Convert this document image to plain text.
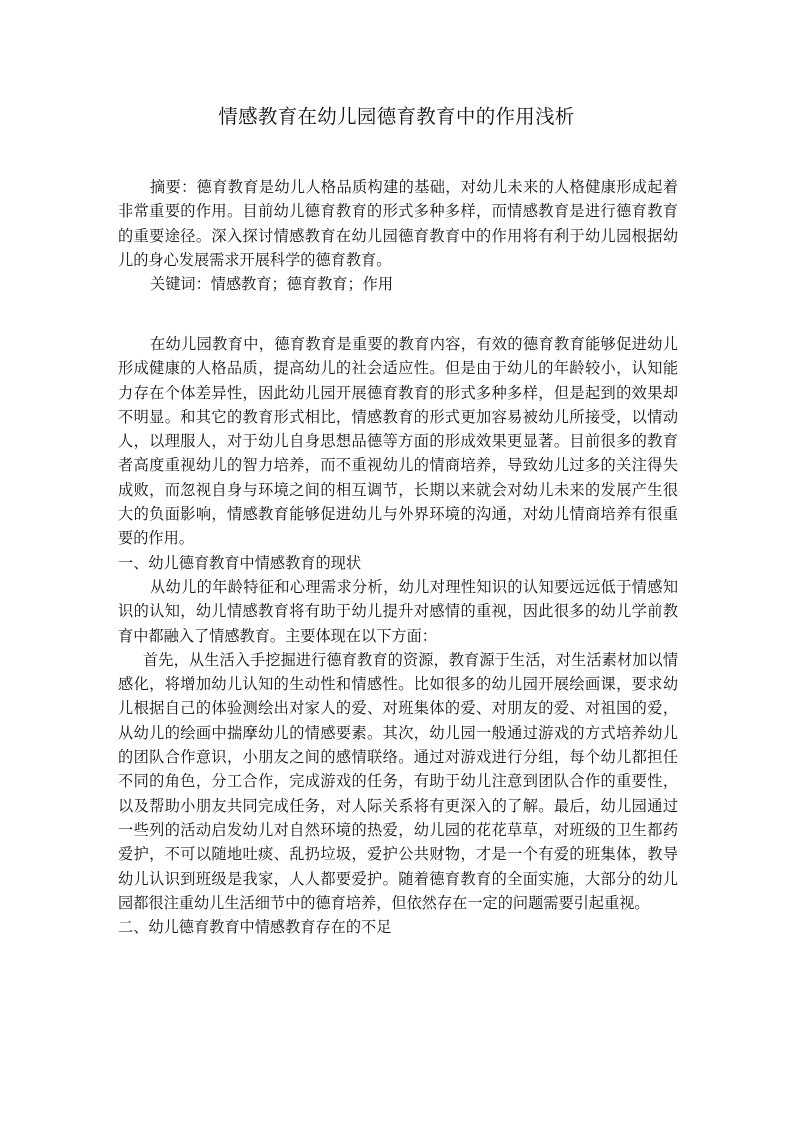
情感教育在幼儿园德育教育中的作用浅析

摘要：德育教育是幼儿人格品质构建的基础，对幼儿未来的人格健康形成起着非常重要的作用。目前幼儿德育教育的形式多种多样，而情感教育是进行德育教育的重要途径。深入探讨情感教育在幼儿园德育教育中的作用将有利于幼儿园根据幼儿的身心发展需求开展科学的德育教育。

关键词：情感教育；德育教育；作用

在幼儿园教育中，德育教育是重要的教育内容，有效的德育教育能够促进幼儿形成健康的人格品质，提高幼儿的社会适应性。但是由于幼儿的年龄较小，认知能力存在个体差异性，因此幼儿园开展德育教育的形式多种多样，但是起到的效果却不明显。和其它的教育形式相比，情感教育的形式更加容易被幼儿所接受，以情动人，以理服人，对于幼儿自身思想品德等方面的形成效果更显著。目前很多的教育者高度重视幼儿的智力培养，而不重视幼儿的情商培养，导致幼儿过多的关注得失成败，而忽视自身与环境之间的相互调节，长期以来就会对幼儿未来的发展产生很大的负面影响，情感教育能够促进幼儿与外界环境的沟通，对幼儿情商培养有很重要的作用。

一、幼儿德育教育中情感教育的现状

从幼儿的年龄特征和心理需求分析，幼儿对理性知识的认知要远远低于情感知识的认知，幼儿情感教育将有助于幼儿提升对感情的重视，因此很多的幼儿学前教育中都融入了情感教育。主要体现在以下方面：

首先，从生活入手挖掘进行德育教育的资源，教育源于生活，对生活素材加以情感化，将增加幼儿认知的生动性和情感性。比如很多的幼儿园开展绘画课，要求幼儿根据自己的体验测绘出对家人的爱、对班集体的爱、对朋友的爱、对祖国的爱，从幼儿的绘画中揣摩幼儿的情感要素。其次，幼儿园一般通过游戏的方式培养幼儿的团队合作意识，小朋友之间的感情联络。通过对游戏进行分组，每个幼儿都担任不同的角色，分工合作，完成游戏的任务，有助于幼儿注意到团队合作的重要性，以及帮助小朋友共同完成任务，对人际关系将有更深入的了解。最后，幼儿园通过一些列的活动启发幼儿对自然环境的热爱，幼儿园的花花草草，对班级的卫生都药爱护，不可以随地吐痰、乱扔垃圾，爱护公共财物，才是一个有爱的班集体，教导幼儿认识到班级是我家，人人都要爱护。随着德育教育的全面实施，大部分的幼儿园都很注重幼儿生活细节中的德育培养，但依然存在一定的问题需要引起重视。

二、幼儿德育教育中情感教育存在的不足
